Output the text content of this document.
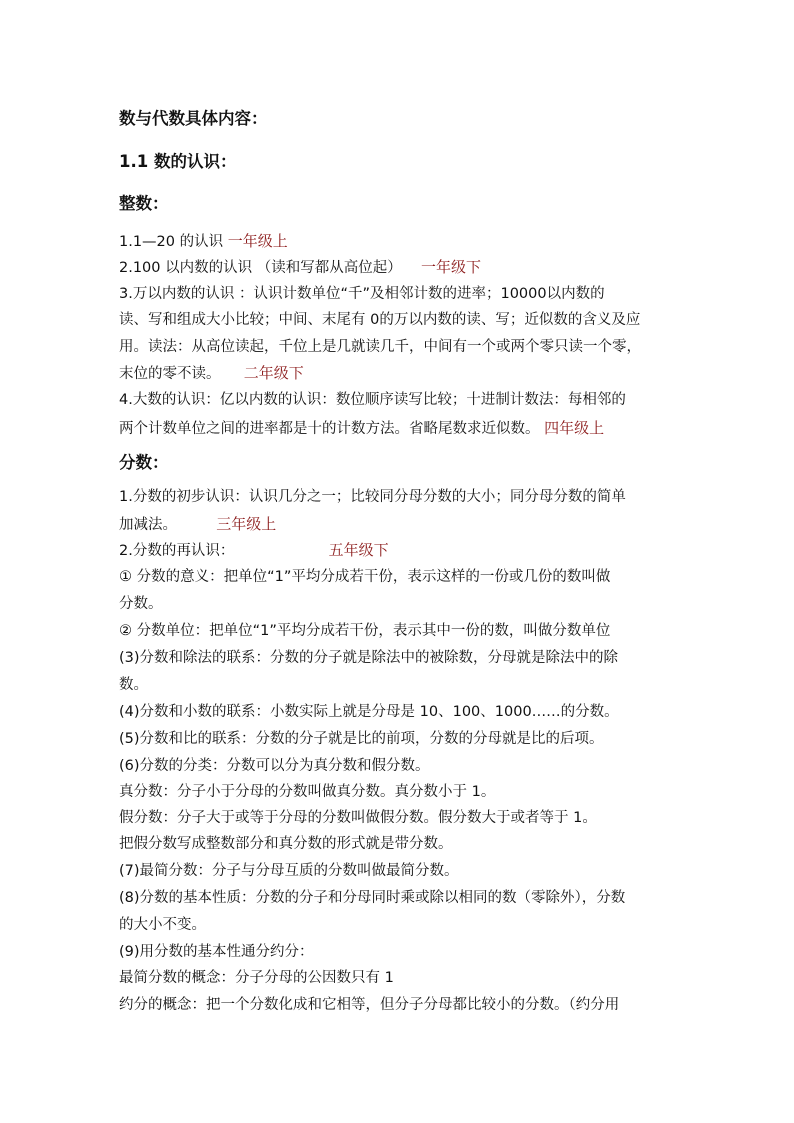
数与代数具体内容：
1.1 数的认识：
整数：
1.1—20 的认识 一年级上
2.100 以内数的认识 （读和写都从高位起） 一年级下
3.万以内数的认识 ：认识计数单位“千”及相邻计数的进率；10000以内数的
读、写和组成大小比较；中间、末尾有 0的万以内数的读、写；近似数的含义及应
用。读法：从高位读起，千位上是几就读几千，中间有一个或两个零只读一个零，
末位的零不读。 二年级下
4.大数的认识：亿以内数的认识：数位顺序读写比较；十进制计数法：每相邻的
两个计数单位之间的进率都是十的计数方法。省略尾数求近似数。 四年级上
分数：
1.分数的初步认识：认识几分之一；比较同分母分数的大小；同分母分数的简单
加减法。	三年级上
2.分数的再认识：	五年级下
① 分数的意义：把单位“1”平均分成若干份，表示这样的一份或几份的数叫做
分数。
② 分数单位：把单位“1”平均分成若干份，表示其中一份的数，叫做分数单位
(3)分数和除法的联系：分数的分子就是除法中的被除数，分母就是除法中的除
数。
(4)分数和小数的联系：小数实际上就是分母是 10、100、1000……的分数。
(5)分数和比的联系：分数的分子就是比的前项，分数的分母就是比的后项。
(6)分数的分类：分数可以分为真分数和假分数。
真分数：分子小于分母的分数叫做真分数。真分数小于 1。
假分数：分子大于或等于分母的分数叫做假分数。假分数大于或者等于 1。
把假分数写成整数部分和真分数的形式就是带分数。
(7)最简分数：分子与分母互质的分数叫做最简分数。
(8)分数的基本性质：分数的分子和分母同时乘或除以相同的数（零除外），分数
的大小不变。
(9)用分数的基本性通分约分：
最简分数的概念：分子分母的公因数只有 1
约分的概念：把一个分数化成和它相等，但分子分母都比较小的分数。（约分用
